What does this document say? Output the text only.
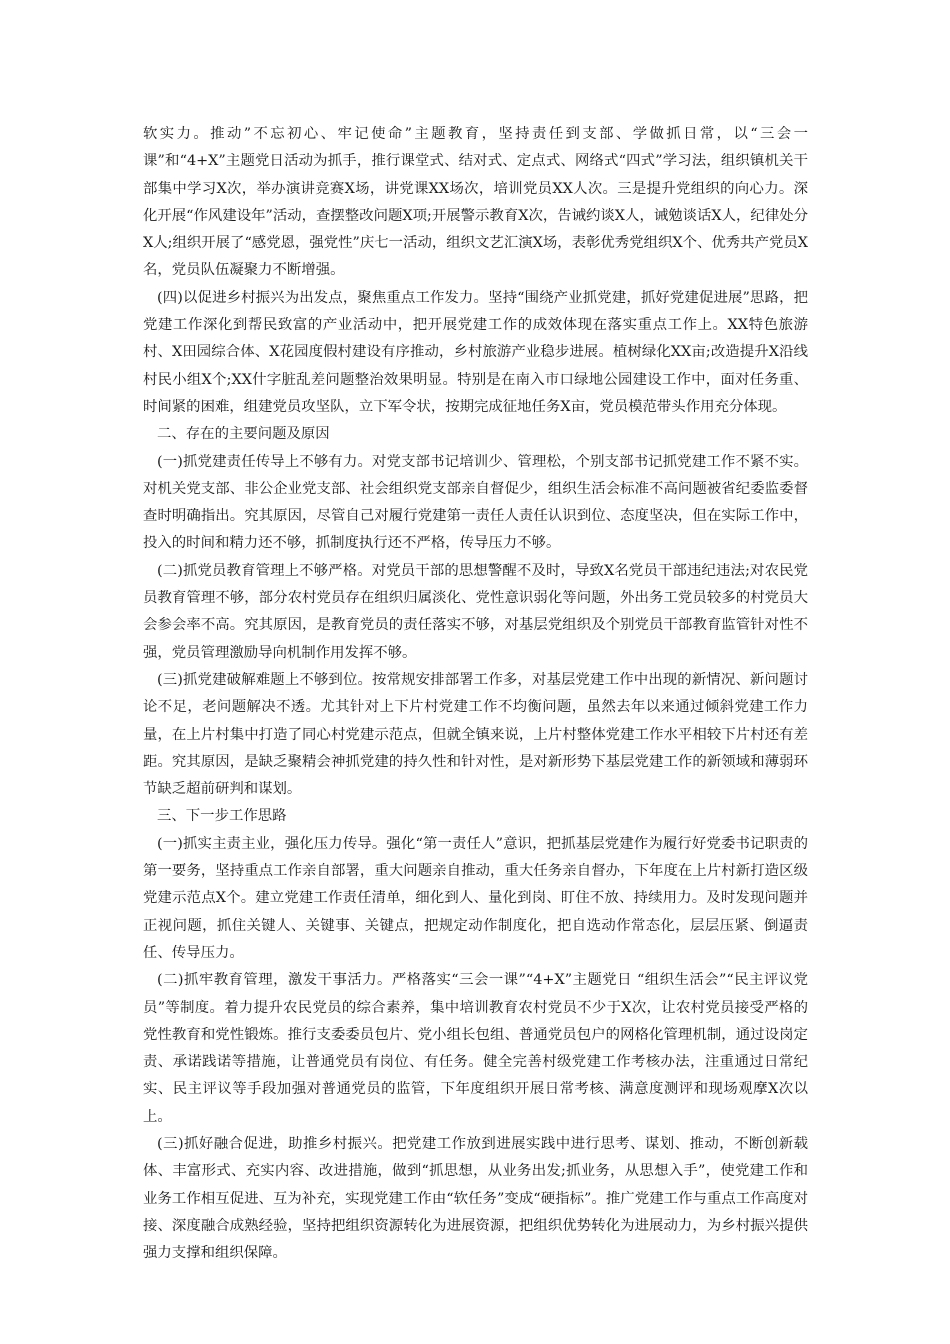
软实力。推动”不忘初心、牢记使命”主题教育，坚持责任到支部、学做抓日常，以“三会一课”和“4+X”主题党日活动为抓手，推行课堂式、结对式、定点式、网络式“四式”学习法，组织镇机关干部集中学习X次，举办演讲竞赛X场，讲党课XX场次，培训党员XX人次。三是提升党组织的向心力。深化开展“作风建设年”活动，查摆整改问题X项;开展警示教育X次，告诫约谈X人，诫勉谈话X人，纪律处分X人;组织开展了“感党恩，强党性”庆七一活动，组织文艺汇演X场，表彰优秀党组织X个、优秀共产党员X名，党员队伍凝聚力不断增强。

(四)以促进乡村振兴为出发点，聚焦重点工作发力。坚持“围绕产业抓党建，抓好党建促进展”思路，把党建工作深化到帮民致富的产业活动中，把开展党建工作的成效体现在落实重点工作上。XX特色旅游村、X田园综合体、X花园度假村建设有序推动，乡村旅游产业稳步进展。植树绿化XX亩;改造提升X沿线村民小组X个;XX什字脏乱差问题整治效果明显。特别是在南入市口绿地公园建设工作中，面对任务重、时间紧的困难，组建党员攻坚队，立下军令状，按期完成征地任务X亩，党员模范带头作用充分体现。

二、存在的主要问题及原因

(一)抓党建责任传导上不够有力。对党支部书记培训少、管理松，个别支部书记抓党建工作不紧不实。对机关党支部、非公企业党支部、社会组织党支部亲自督促少，组织生活会标准不高问题被省纪委监委督查时明确指出。究其原因，尽管自己对履行党建第一责任人责任认识到位、态度坚决，但在实际工作中，投入的时间和精力还不够，抓制度执行还不严格，传导压力不够。

(二)抓党员教育管理上不够严格。对党员干部的思想警醒不及时，导致X名党员干部违纪违法;对农民党员教育管理不够，部分农村党员存在组织归属淡化、党性意识弱化等问题，外出务工党员较多的村党员大会参会率不高。究其原因，是教育党员的责任落实不够，对基层党组织及个别党员干部教育监管针对性不强，党员管理激励导向机制作用发挥不够。

(三)抓党建破解难题上不够到位。按常规安排部署工作多，对基层党建工作中出现的新情况、新问题讨论不足，老问题解决不透。尤其针对上下片村党建工作不均衡问题，虽然去年以来通过倾斜党建工作力量，在上片村集中打造了同心村党建示范点，但就全镇来说，上片村整体党建工作水平相较下片村还有差距。究其原因，是缺乏聚精会神抓党建的持久性和针对性，是对新形势下基层党建工作的新领域和薄弱环节缺乏超前研判和谋划。

三、下一步工作思路

(一)抓实主责主业，强化压力传导。强化“第一责任人”意识，把抓基层党建作为履行好党委书记职责的第一要务，坚持重点工作亲自部署，重大问题亲自推动，重大任务亲自督办，下年度在上片村新打造区级党建示范点X个。建立党建工作责任清单，细化到人、量化到岗、盯住不放、持续用力。及时发现问题并正视问题，抓住关键人、关键事、关键点，把规定动作制度化，把自选动作常态化，层层压紧、倒逼责任、传导压力。

(二)抓牢教育管理，激发干事活力。严格落实“三会一课”“4+X”主题党日 “组织生活会”“民主评议党员”等制度。着力提升农民党员的综合素养，集中培训教育农村党员不少于X次，让农村党员接受严格的党性教育和党性锻炼。推行支委委员包片、党小组长包组、普通党员包户的网格化管理机制，通过设岗定责、承诺践诺等措施，让普通党员有岗位、有任务。健全完善村级党建工作考核办法，注重通过日常纪实、民主评议等手段加强对普通党员的监管，下年度组织开展日常考核、满意度测评和现场观摩X次以上。

(三)抓好融合促进，助推乡村振兴。把党建工作放到进展实践中进行思考、谋划、推动，不断创新载体、丰富形式、充实内容、改进措施，做到“抓思想，从业务出发;抓业务，从思想入手”，使党建工作和业务工作相互促进、互为补充，实现党建工作由“软任务”变成“硬指标”。推广党建工作与重点工作高度对接、深度融合成熟经验，坚持把组织资源转化为进展资源，把组织优势转化为进展动力，为乡村振兴提供强力支撑和组织保障。
